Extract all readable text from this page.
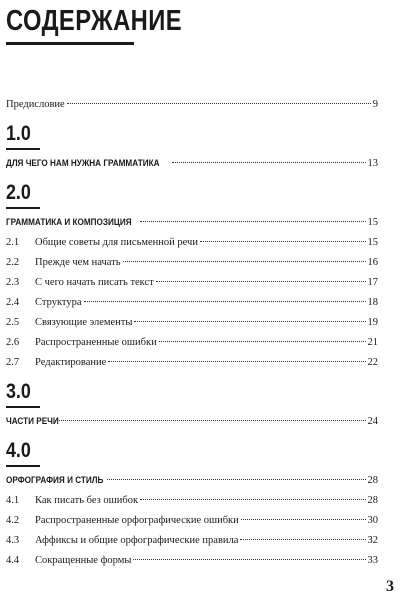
СОДЕРЖАНИЕ
Предисловие	9
1.0
ДЛЯ ЧЕГО НАМ НУЖНА ГРАММАТИКА	13
2.0
ГРАММАТИКА И КОМПОЗИЦИЯ	15
2.1	Общие советы для письменной речи	15
2.2	Прежде чем начать	16
2.3	С чего начать писать текст	17
2.4	Структура	18
2.5	Связующие элементы	19
2.6	Распространенные ошибки	21
2.7	Редактирование	22
3.0
ЧАСТИ РЕЧИ	24
4.0
ОРФОГРАФИЯ И СТИЛЬ	28
4.1	Как писать без ошибок	28
4.2	Распространенные орфографические ошибки	30
4.3	Аффиксы и общие орфографические правила	32
4.4	Сокращенные формы	33
3
